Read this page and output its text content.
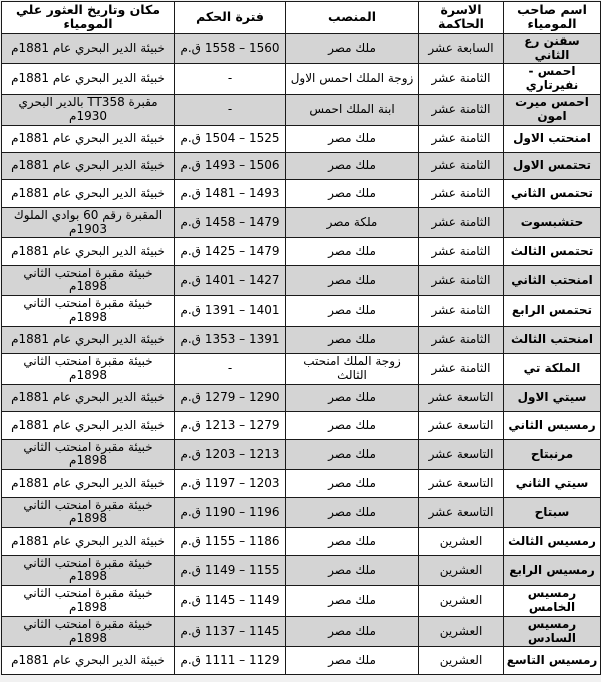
اسم صاحب المومياء	الاسرة الحاكمة	المنصب	فترة الحكم	مكان وتاريخ العثور علي المومياء
سقنن رع الثاني	السابعة عشر	ملك مصر	1560 – 1558 ق.م	خبيئة الدير البحري عام 1881م
احمس - نفيرتاري	الثامنة عشر	زوجة الملك احمس الاول	-	خبيئة الدير البحري عام 1881م
احمس ميرت امون	الثامنة عشر	ابنة الملك احمس	-	مقبرة TT358 بالدير البحري 1930م
امنحتب الاول	الثامنة عشر	ملك مصر	1525 – 1504 ق.م	خبيئة الدير البحري عام 1881م
تحتمس الاول	الثامنة عشر	ملك مصر	1506 – 1493 ق.م	خبيئة الدير البحري عام 1881م
تحتمس الثاني	الثامنة عشر	ملك مصر	1493 – 1481 ق.م	خبيئة الدير البحري عام 1881م
حتشبسوت	الثامنة عشر	ملكة مصر	1479 – 1458 ق.م	المقبرة رقم 60 بوادي الملوك 1903م
تحتمس الثالث	الثامنة عشر	ملك مصر	1479 – 1425 ق.م	خبيئة الدير البحري عام 1881م
امنحتب الثاني	الثامنة عشر	ملك مصر	1427 – 1401 ق.م	خبيئة مقبرة امنحتب الثاني 1898م
تحتمس الرابع	الثامنة عشر	ملك مصر	1401 – 1391 ق.م	خبيئة مقبرة امنحتب الثاني 1898م
امنحتب الثالث	الثامنة عشر	ملك مصر	1391 – 1353 ق.م	خبيئة الدير البحري عام 1881م
الملكة تي	الثامنة عشر	زوجة الملك امنحتب الثالث	-	خبيئة مقبرة امنحتب الثاني 1898م
سيتي الاول	التاسعة عشر	ملك مصر	1290 – 1279 ق.م	خبيئة الدير البحري عام 1881م
رمسيس الثاني	التاسعة عشر	ملك مصر	1279 – 1213 ق.م	خبيئة الدير البحري عام 1881م
مرنبتاح	التاسعة عشر	ملك مصر	1213 – 1203 ق.م	خبيئة مقبرة امنحتب الثاني 1898م
سيتي الثاني	التاسعة عشر	ملك مصر	1203 – 1197 ق.م	خبيئة الدير البحري عام 1881م
سبتاح	التاسعة عشر	ملك مصر	1196 – 1190 ق.م	خبيئة مقبرة امنحتب الثاني 1898م
رمسيس الثالث	العشرين	ملك مصر	1186 – 1155 ق.م	خبيئة الدير البحري عام 1881م
رمسيس الرابع	العشرين	ملك مصر	1155 – 1149 ق.م	خبيئة مقبرة امنحتب الثاني 1898م
رمسيس الخامس	العشرين	ملك مصر	1149 – 1145 ق.م	خبيئة مقبرة امنحتب الثاني 1898م
رمسيس السادس	العشرين	ملك مصر	1145 – 1137 ق.م	خبيئة مقبرة امنحتب الثاني 1898م
رمسيس التاسع	العشرين	ملك مصر	1129 – 1111 ق.م	خبيئة الدير البحري عام 1881م
